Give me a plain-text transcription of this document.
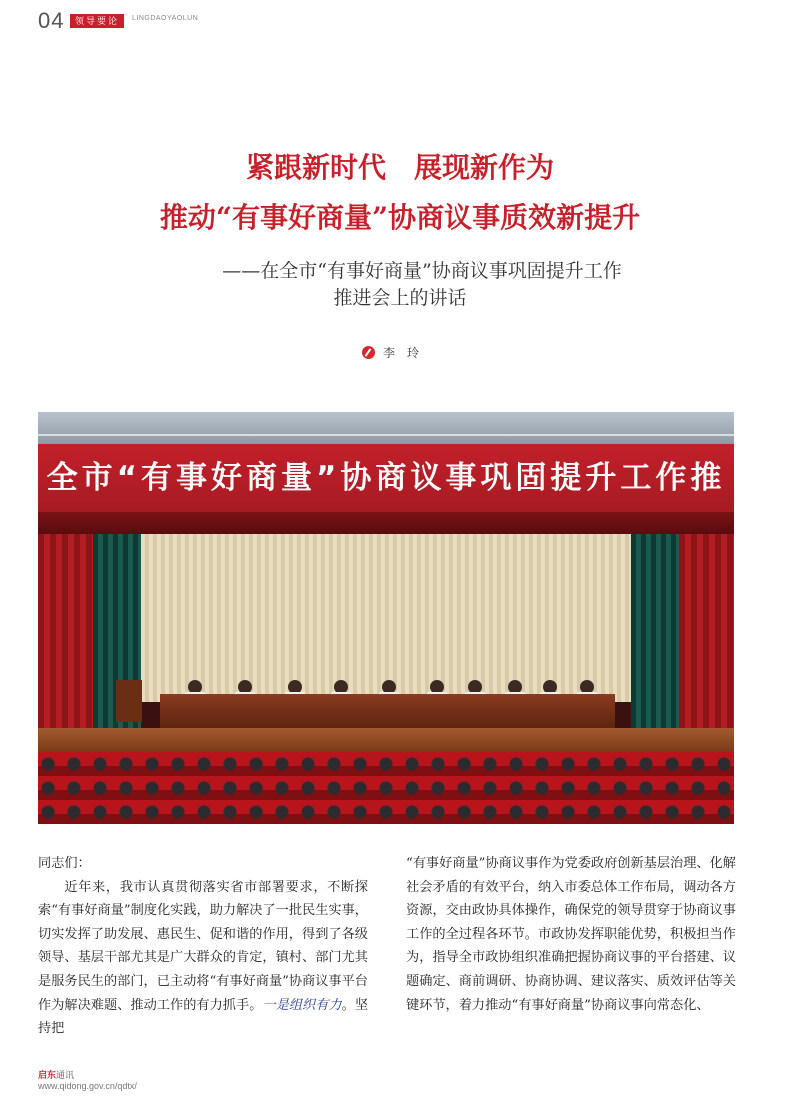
04	领导要论	LINGDAOYAOLUN
紧跟新时代　展现新作为
推动“有事好商量”协商议事质效新提升
——在全市“有事好商量”协商议事巩固提升工作
推进会上的讲话
李　玲
全市“有事好商量”协商议事巩固提升工作推

同志们：

近年来，我市认真贯彻落实省市部署要求，不断探索“有事好商量”制度化实践，助力解决了一批民生实事，切实发挥了助发展、惠民生、促和谐的作用，得到了各级领导、基层干部尤其是广大群众的肯定，镇村、部门尤其是服务民生的部门，已主动将“有事好商量”协商议事平台作为解决难题、推动工作的有力抓手。一是组织有力。坚持把

“有事好商量”协商议事作为党委政府创新基层治理、化解社会矛盾的有效平台，纳入市委总体工作布局，调动各方资源，交由政协具体操作，确保党的领导贯穿于协商议事工作的全过程各环节。市政协发挥职能优势，积极担当作为，指导全市政协组织准确把握协商议事的平台搭建、议题确定、商前调研、协商协调、建议落实、质效评估等关键环节，着力推动“有事好商量”协商议事向常态化、

启东通讯
www.qidong.gov.cn/qdtx/
